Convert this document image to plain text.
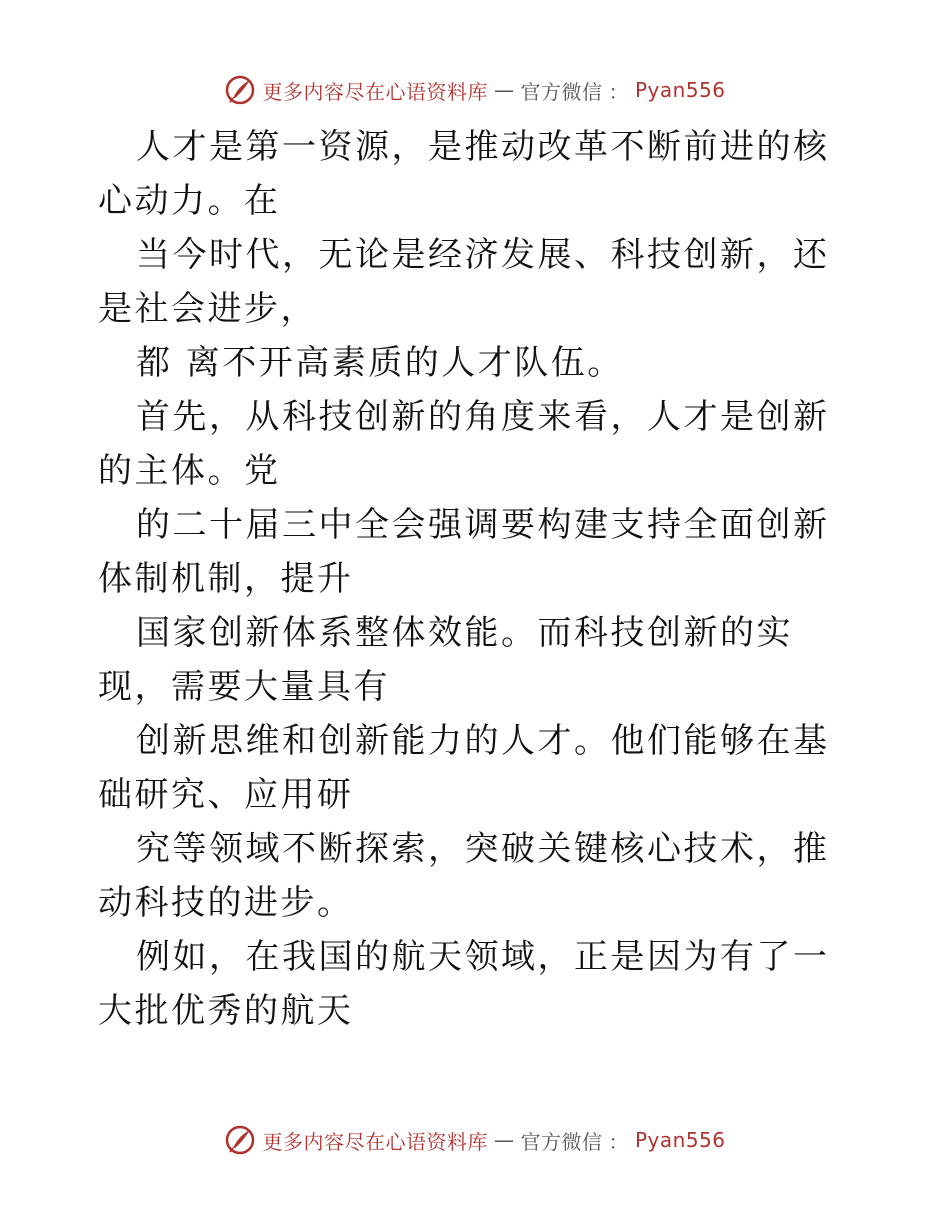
更多内容尽在心语资料库 — 官方微信 ： Pyan556

人才是第一资源，是推动改革不断前进的核心动力。在

当今时代，无论是经济发展、科技创新，还是社会进步，

都 离不开高素质的人才队伍。

首先，从科技创新的角度来看，人才是创新的主体。党

的二十届三中全会强调要构建支持全面创新体制机制，提升

国家创新体系整体效能。而科技创新的实现，需要大量具有

创新思维和创新能力的人才。他们能够在基础研究、应用研

究等领域不断探索，突破关键核心技术，推动科技的进步。

例如，在我国的航天领域，正是因为有了一大批优秀的航天

更多内容尽在心语资料库 — 官方微信 ： Pyan556
